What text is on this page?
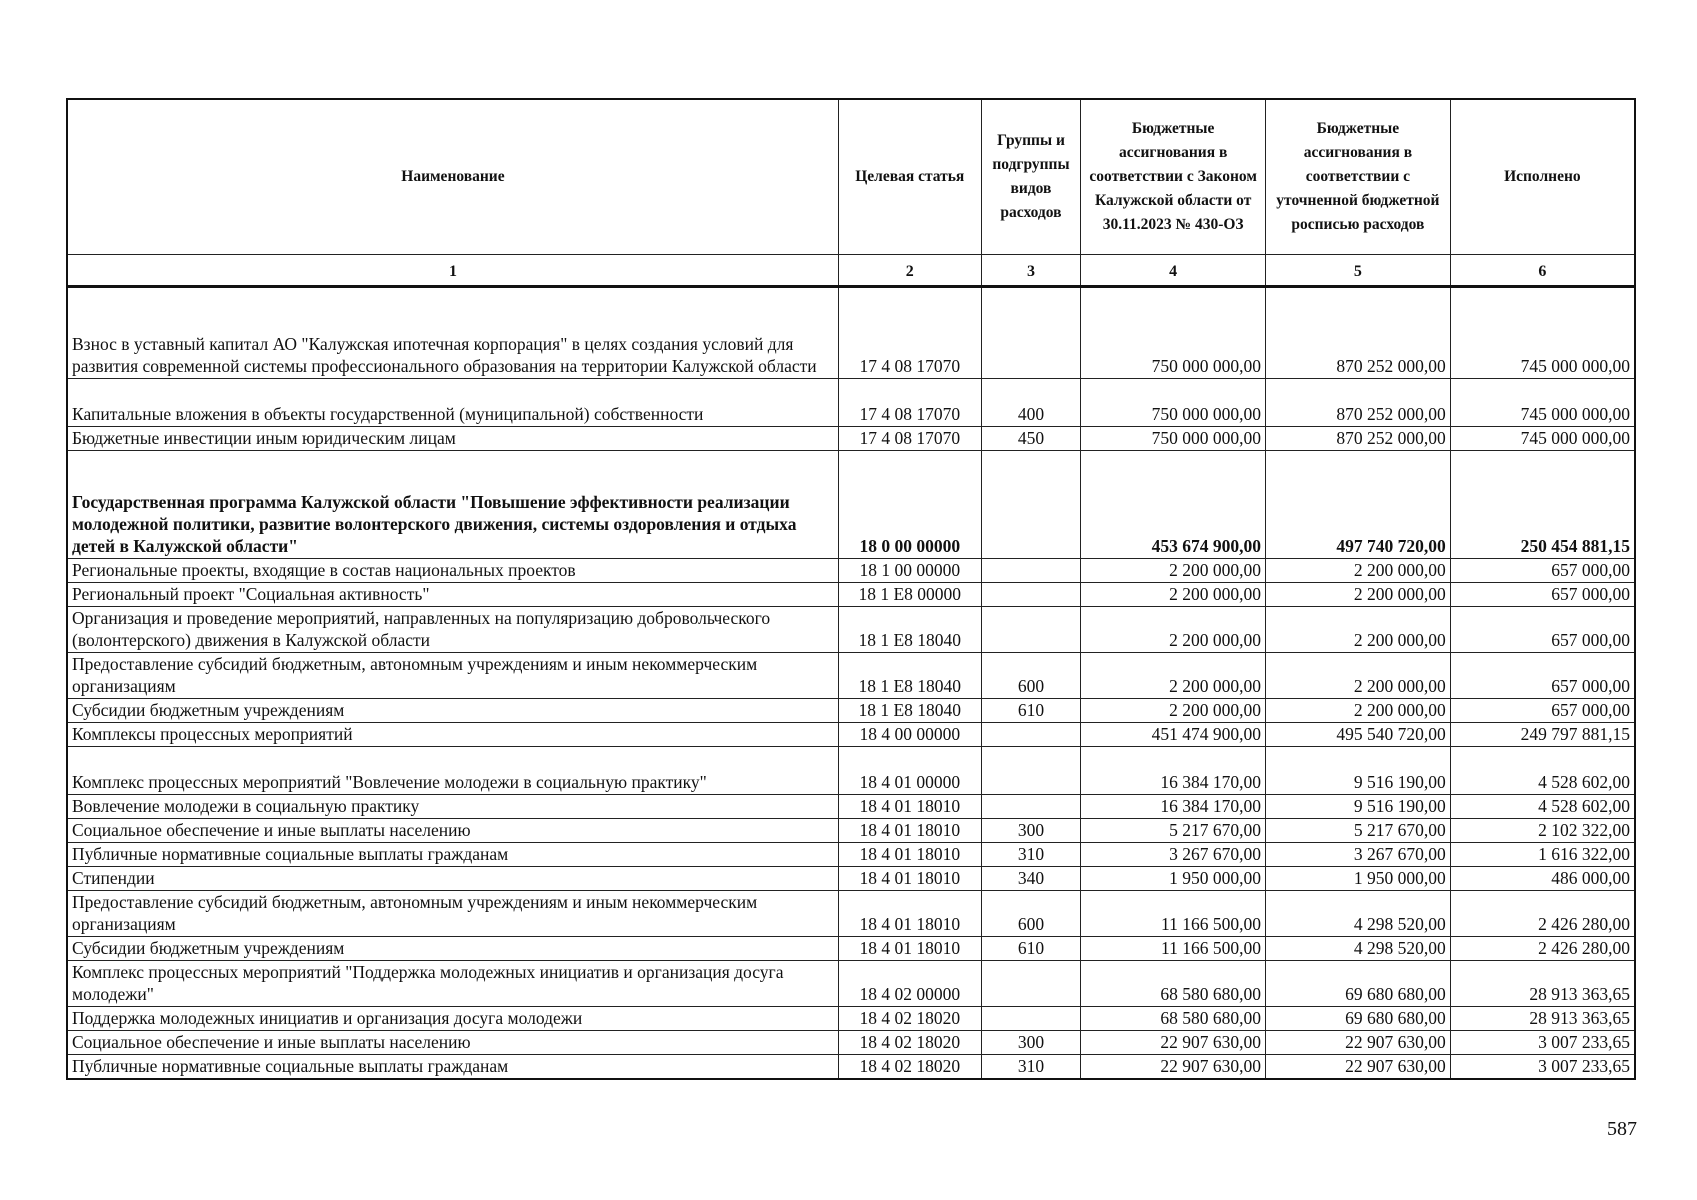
Наименование	Целевая статья	Группы и подгруппы видов расходов	Бюджетные ассигнования в соответствии с Законом Калужской области от 30.11.2023 № 430-ОЗ	Бюджетные ассигнования в соответствии с уточненной бюджетной росписью расходов	Исполнено
1	2	3	4	5	6
Взнос в уставный капитал АО "Калужская ипотечная корпорация" в целях создания условий для развития современной системы профессионального образования на территории Калужской области	17 4 08 17070		750 000 000,00	870 252 000,00	745 000 000,00
Капитальные вложения в объекты государственной (муниципальной) собственности	17 4 08 17070	400	750 000 000,00	870 252 000,00	745 000 000,00
Бюджетные инвестиции иным юридическим лицам	17 4 08 17070	450	750 000 000,00	870 252 000,00	745 000 000,00
Государственная программа Калужской области "Повышение эффективности реализации молодежной политики, развитие волонтерского движения, системы оздоровления и отдыха детей в Калужской области"	18 0 00 00000		453 674 900,00	497 740 720,00	250 454 881,15
Региональные проекты, входящие в состав национальных проектов	18 1 00 00000		2 200 000,00	2 200 000,00	657 000,00
Региональный проект "Социальная активность"	18 1 E8 00000		2 200 000,00	2 200 000,00	657 000,00
Организация и проведение мероприятий, направленных на популяризацию добровольческого (волонтерского) движения в Калужской области	18 1 E8 18040		2 200 000,00	2 200 000,00	657 000,00
Предоставление субсидий бюджетным, автономным учреждениям и иным некоммерческим организациям	18 1 E8 18040	600	2 200 000,00	2 200 000,00	657 000,00
Субсидии бюджетным учреждениям	18 1 E8 18040	610	2 200 000,00	2 200 000,00	657 000,00
Комплексы процессных мероприятий	18 4 00 00000		451 474 900,00	495 540 720,00	249 797 881,15
Комплекс процессных мероприятий "Вовлечение молодежи в социальную практику"	18 4 01 00000		16 384 170,00	9 516 190,00	4 528 602,00
Вовлечение молодежи в социальную практику	18 4 01 18010		16 384 170,00	9 516 190,00	4 528 602,00
Социальное обеспечение и иные выплаты населению	18 4 01 18010	300	5 217 670,00	5 217 670,00	2 102 322,00
Публичные нормативные социальные выплаты гражданам	18 4 01 18010	310	3 267 670,00	3 267 670,00	1 616 322,00
Стипендии	18 4 01 18010	340	1 950 000,00	1 950 000,00	486 000,00
Предоставление субсидий бюджетным, автономным учреждениям и иным некоммерческим организациям	18 4 01 18010	600	11 166 500,00	4 298 520,00	2 426 280,00
Субсидии бюджетным учреждениям	18 4 01 18010	610	11 166 500,00	4 298 520,00	2 426 280,00
Комплекс процессных мероприятий "Поддержка молодежных инициатив и организация досуга молодежи"	18 4 02 00000		68 580 680,00	69 680 680,00	28 913 363,65
Поддержка молодежных инициатив и организация досуга молодежи	18 4 02 18020		68 580 680,00	69 680 680,00	28 913 363,65
Социальное обеспечение и иные выплаты населению	18 4 02 18020	300	22 907 630,00	22 907 630,00	3 007 233,65
Публичные нормативные социальные выплаты гражданам	18 4 02 18020	310	22 907 630,00	22 907 630,00	3 007 233,65
587
